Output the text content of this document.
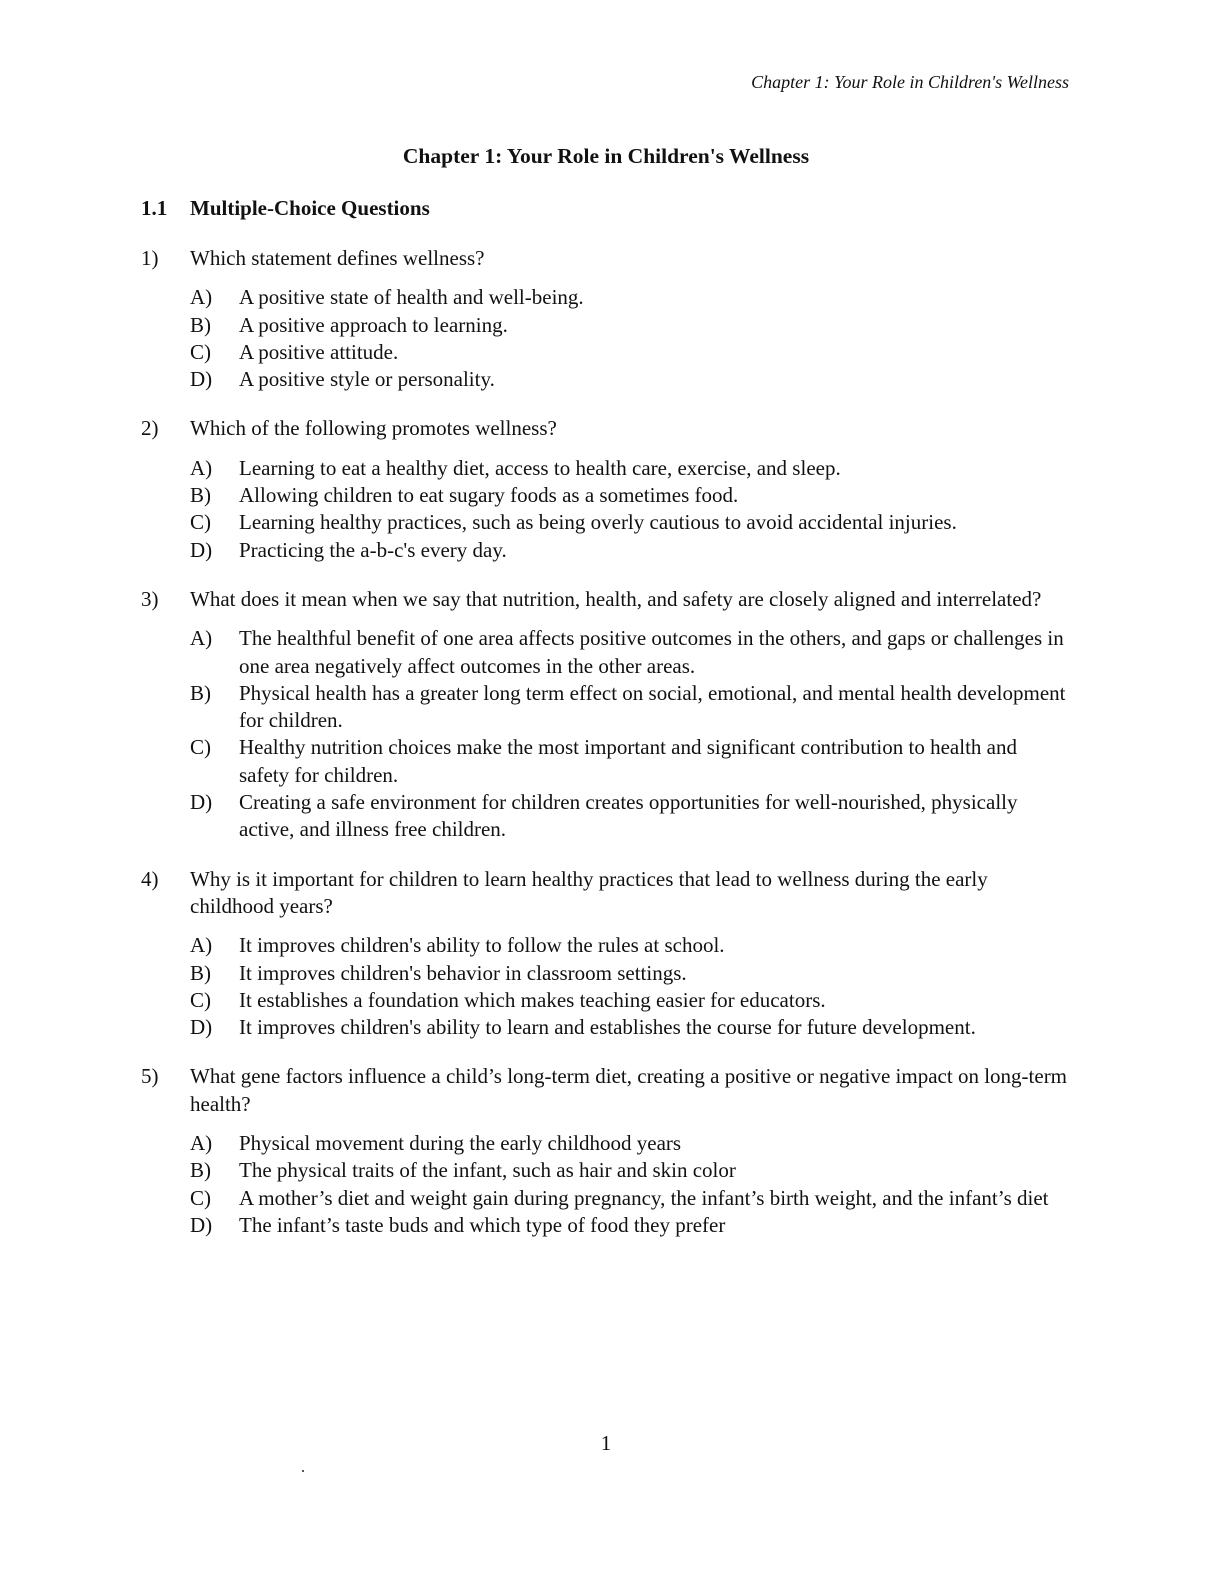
Chapter 1: Your Role in Children's Wellness
Chapter 1: Your Role in Children's Wellness
1.1 Multiple-Choice Questions
1)	Which statement defines wellness?
A)	A positive state of health and well-being.
B)	A positive approach to learning.
C)	A positive attitude.
D)	A positive style or personality.
2)	Which of the following promotes wellness?
A)	Learning to eat a healthy diet, access to health care, exercise, and sleep.
B)	Allowing children to eat sugary foods as a sometimes food.
C)	Learning healthy practices, such as being overly cautious to avoid accidental injuries.
D)	Practicing the a-b-c's every day.
3)	What does it mean when we say that nutrition, health, and safety are closely aligned and interrelated?
A)	The healthful benefit of one area affects positive outcomes in the others, and gaps or challenges in one area negatively affect outcomes in the other areas.
B)	Physical health has a greater long term effect on social, emotional, and mental health development for children.
C)	Healthy nutrition choices make the most important and significant contribution to health and safety for children.
D)	Creating a safe environment for children creates opportunities for well-nourished, physically active, and illness free children.
4)	Why is it important for children to learn healthy practices that lead to wellness during the early childhood years?
A)	It improves children's ability to follow the rules at school.
B)	It improves children's behavior in classroom settings.
C)	It establishes a foundation which makes teaching easier for educators.
D)	It improves children's ability to learn and establishes the course for future development.
5)	What gene factors influence a child’s long-term diet, creating a positive or negative impact on long-term health?
A)	Physical movement during the early childhood years
B)	The physical traits of the infant, such as hair and skin color
C)	A mother’s diet and weight gain during pregnancy, the infant’s birth weight, and the infant’s diet
D)	The infant’s taste buds and which type of food they prefer
1
